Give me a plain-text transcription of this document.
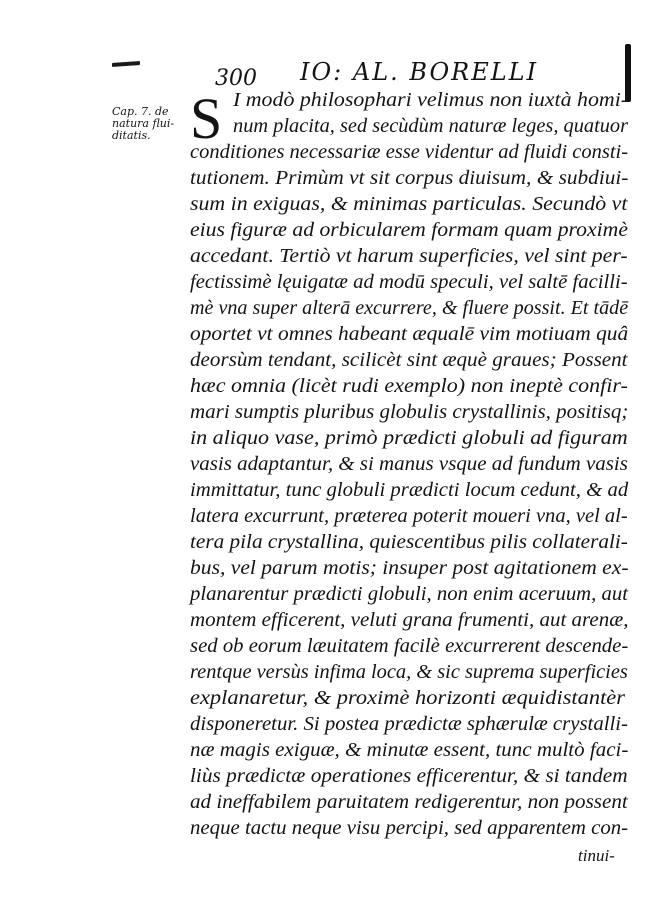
300 IO: AL. BORELLI
Cap. 7. de
natura flui-
ditatis. S I modò philosophari velimus non iuxtà homi-
num placita, sed secùdùm naturæ leges, quatuor
conditiones necessariæ esse videntur ad fluidi consti-
tutionem. Primùm vt sit corpus diuisum, & subdiui-
sum in exiguas, & minimas particulas. Secundò vt
eius figuræ ad orbicularem formam quam proximè
accedant. Tertiò vt harum superficies, vel sint per-
fectissimè lęuigatæ ad modū speculi, vel saltē facilli-
mè vna super alterā excurrere, & fluere possit. Et tādē
oportet vt omnes habeant æqualē vim motiuam quâ
deorsùm tendant, scilicèt sint æquè graues; Possent
hæc omnia (licèt rudi exemplo) non ineptè confir-
mari sumptis pluribus globulis crystallinis, positisq;
in aliquo vase, primò prædicti globuli ad figuram
vasis adaptantur, & si manus vsque ad fundum vasis
immittatur, tunc globuli prædicti locum cedunt, & ad
latera excurrunt, præterea poterit moueri vna, vel al-
tera pila crystallina, quiescentibus pilis collaterali-
bus, vel parum motis; insuper post agitationem ex-
planarentur prædicti globuli, non enim aceruum, aut
montem efficerent, veluti grana frumenti, aut arenæ,
sed ob eorum læuitatem facilè excurrerent descende-
rentque versùs infima loca, & sic suprema superficies
explanaretur, & proximè horizonti æquidistantèr
disponeretur. Si postea prædictæ sphærulæ crystalli-
næ magis exiguæ, & minutæ essent, tunc multò faci-
liùs prædictæ operationes efficerentur, & si tandem
ad ineffabilem paruitatem redigerentur, non possent
neque tactu neque visu percipi, sed apparentem con-
tinui-
